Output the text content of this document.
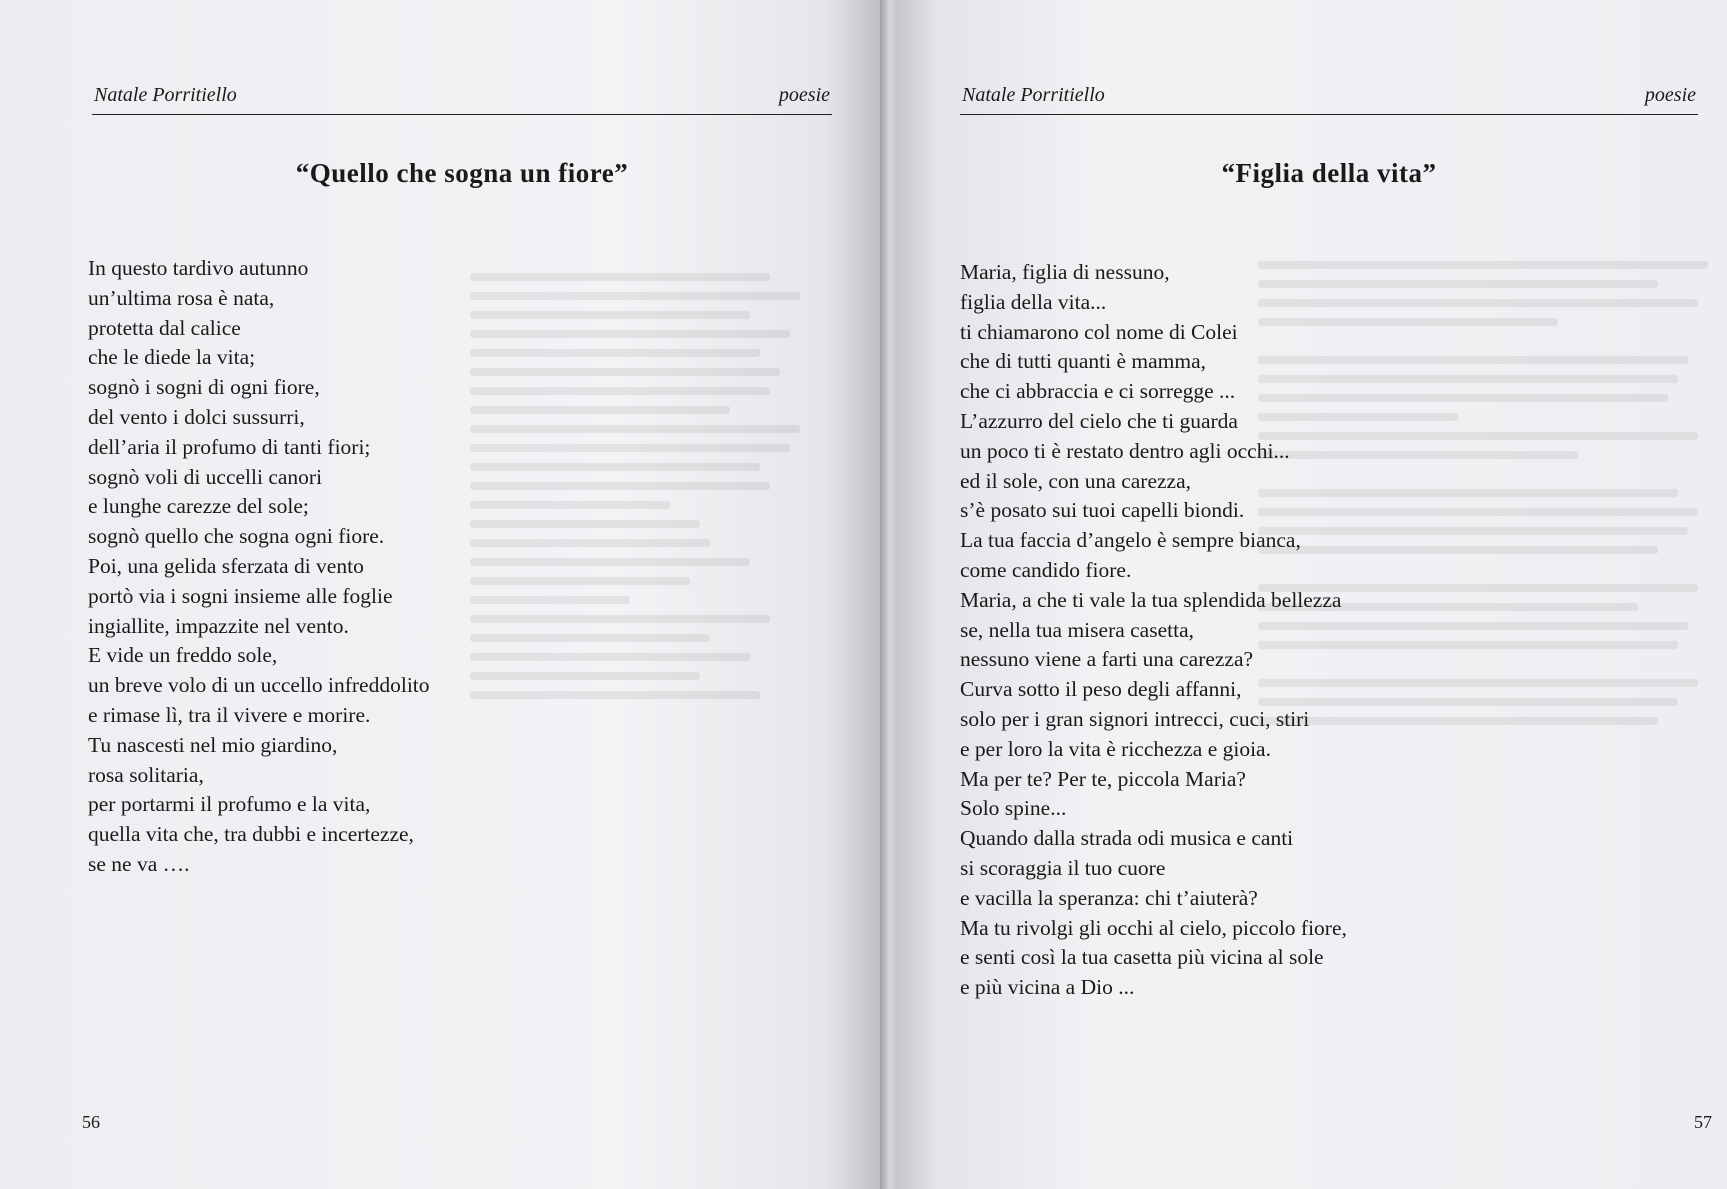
Natale Porritiello	poesie
“Quello che sogna un fiore”
In questo tardivo autunno
un’ultima rosa è nata,
protetta dal calice
che le diede la vita;
sognò i sogni di ogni fiore,
del vento i dolci sussurri,
dell’aria il profumo di tanti fiori;
sognò voli di uccelli canori
e lunghe carezze del sole;
sognò quello che sogna ogni fiore.
Poi, una gelida sferzata di vento
portò via i sogni insieme alle foglie
ingiallite, impazzite nel vento.
E vide un freddo sole,
un breve volo di un uccello infreddolito
e rimase lì, tra il vivere e morire.
Tu nascesti nel mio giardino,
rosa solitaria,
per portarmi il profumo e la vita,
quella vita che, tra dubbi e incertezze,
se ne va ….
56
Natale Porritiello	poesie
“Figlia della vita”
Maria, figlia di nessuno,
figlia della vita...
ti chiamarono col nome di Colei
che di tutti quanti è mamma,
che ci abbraccia e ci sorregge ...
L’azzurro del cielo che ti guarda
un poco ti è restato dentro agli occhi...
ed il sole, con una carezza,
s’è posato sui tuoi capelli biondi.
La tua faccia d’angelo è sempre bianca,
come candido fiore.
Maria, a che ti vale la tua splendida bellezza
se, nella tua misera casetta,
nessuno viene a farti una carezza?
Curva sotto il peso degli affanni,
solo per i gran signori intrecci, cuci, stiri
e per loro la vita è ricchezza e gioia.
Ma per te? Per te, piccola Maria?
Solo spine...
Quando dalla strada odi musica e canti
si scoraggia il tuo cuore
e vacilla la speranza: chi t’aiuterà?
Ma tu rivolgi gli occhi al cielo, piccolo fiore,
e senti così la tua casetta più vicina al sole
e più vicina a Dio ...
57
